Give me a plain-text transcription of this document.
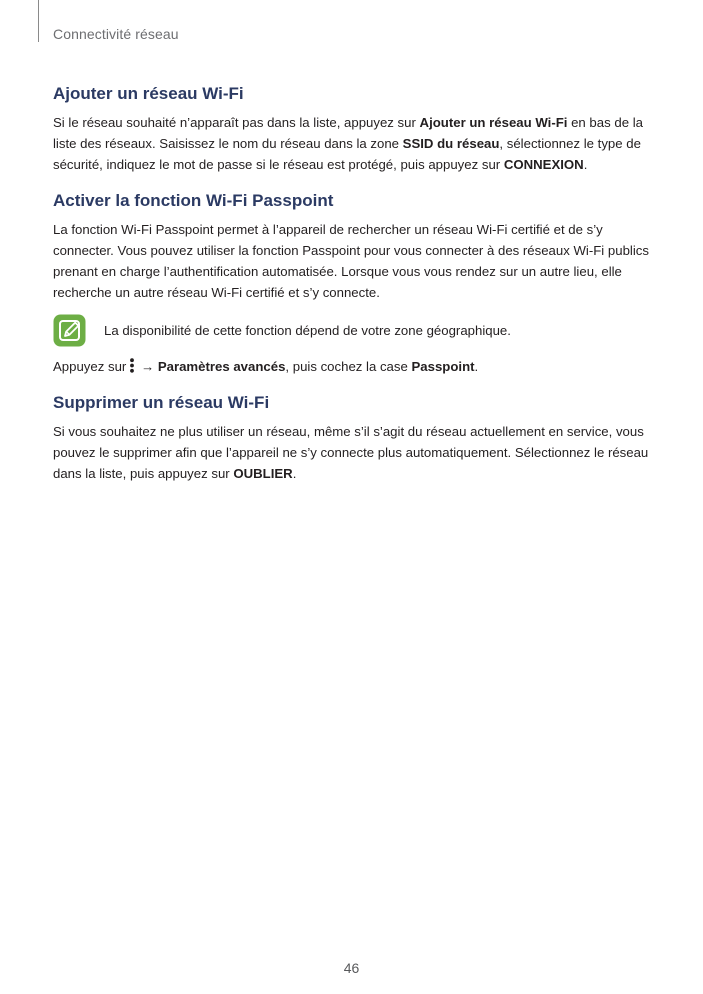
Connectivité réseau
Ajouter un réseau Wi-Fi

Si le réseau souhaité n’apparaît pas dans la liste, appuyez sur Ajouter un réseau Wi-Fi en bas de la liste des réseaux. Saisissez le nom du réseau dans la zone SSID du réseau, sélectionnez le type de sécurité, indiquez le mot de passe si le réseau est protégé, puis appuyez sur CONNEXION.

Activer la fonction Wi-Fi Passpoint

La fonction Wi-Fi Passpoint permet à l’appareil de rechercher un réseau Wi-Fi certifié et de s’y connecter. Vous pouvez utiliser la fonction Passpoint pour vous connecter à des réseaux Wi-Fi publics prenant en charge l’authentification automatisée. Lorsque vous vous rendez sur un autre lieu, elle recherche un autre réseau Wi-Fi certifié et s’y connecte.

La disponibilité de cette fonction dépend de votre zone géographique.

Appuyez sur → Paramètres avancés, puis cochez la case Passpoint.

Supprimer un réseau Wi-Fi

Si vous souhaitez ne plus utiliser un réseau, même s’il s’agit du réseau actuellement en service, vous pouvez le supprimer afin que l’appareil ne s’y connecte plus automatiquement. Sélectionnez le réseau dans la liste, puis appuyez sur OUBLIER.

46
